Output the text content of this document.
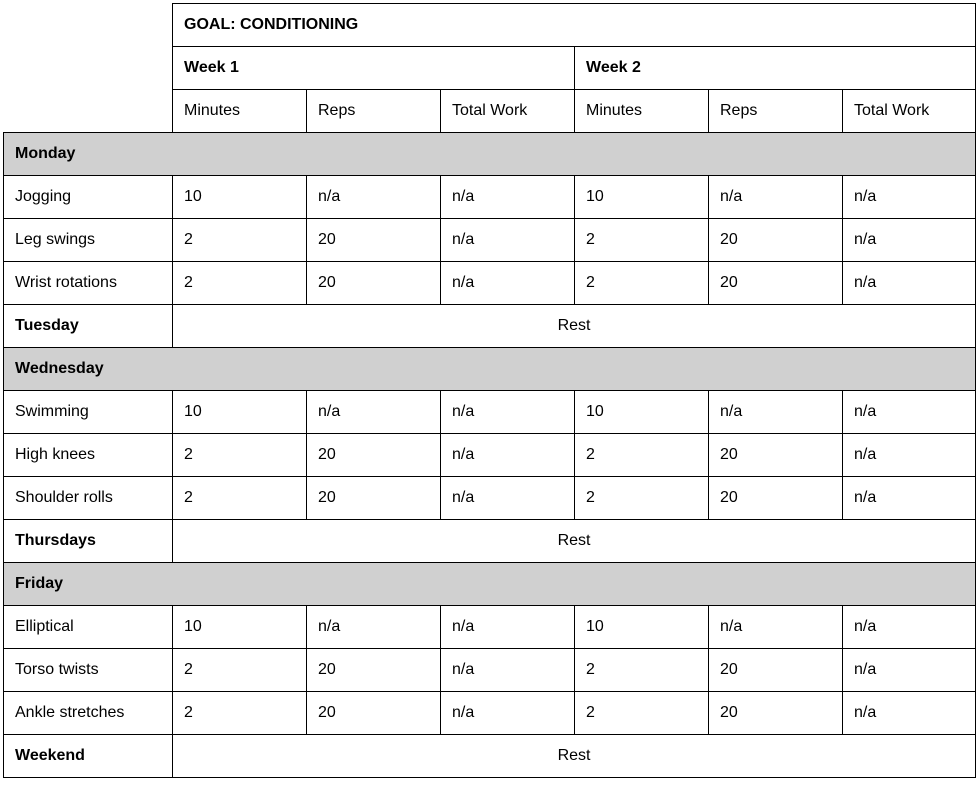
	GOAL: CONDITIONING					
	Week 1			Week 2		
	Minutes	Reps	Total Work	Minutes	Reps	Total Work
Monday						
Jogging	10	n/a	n/a	10	n/a	n/a
Leg swings	2	20	n/a	2	20	n/a
Wrist rotations	2	20	n/a	2	20	n/a
Tuesday	Rest					
Wednesday						
Swimming	10	n/a	n/a	10	n/a	n/a
High knees	2	20	n/a	2	20	n/a
Shoulder rolls	2	20	n/a	2	20	n/a
Thursdays	Rest					
Friday						
Elliptical	10	n/a	n/a	10	n/a	n/a
Torso twists	2	20	n/a	2	20	n/a
Ankle stretches	2	20	n/a	2	20	n/a
Weekend	Rest					
